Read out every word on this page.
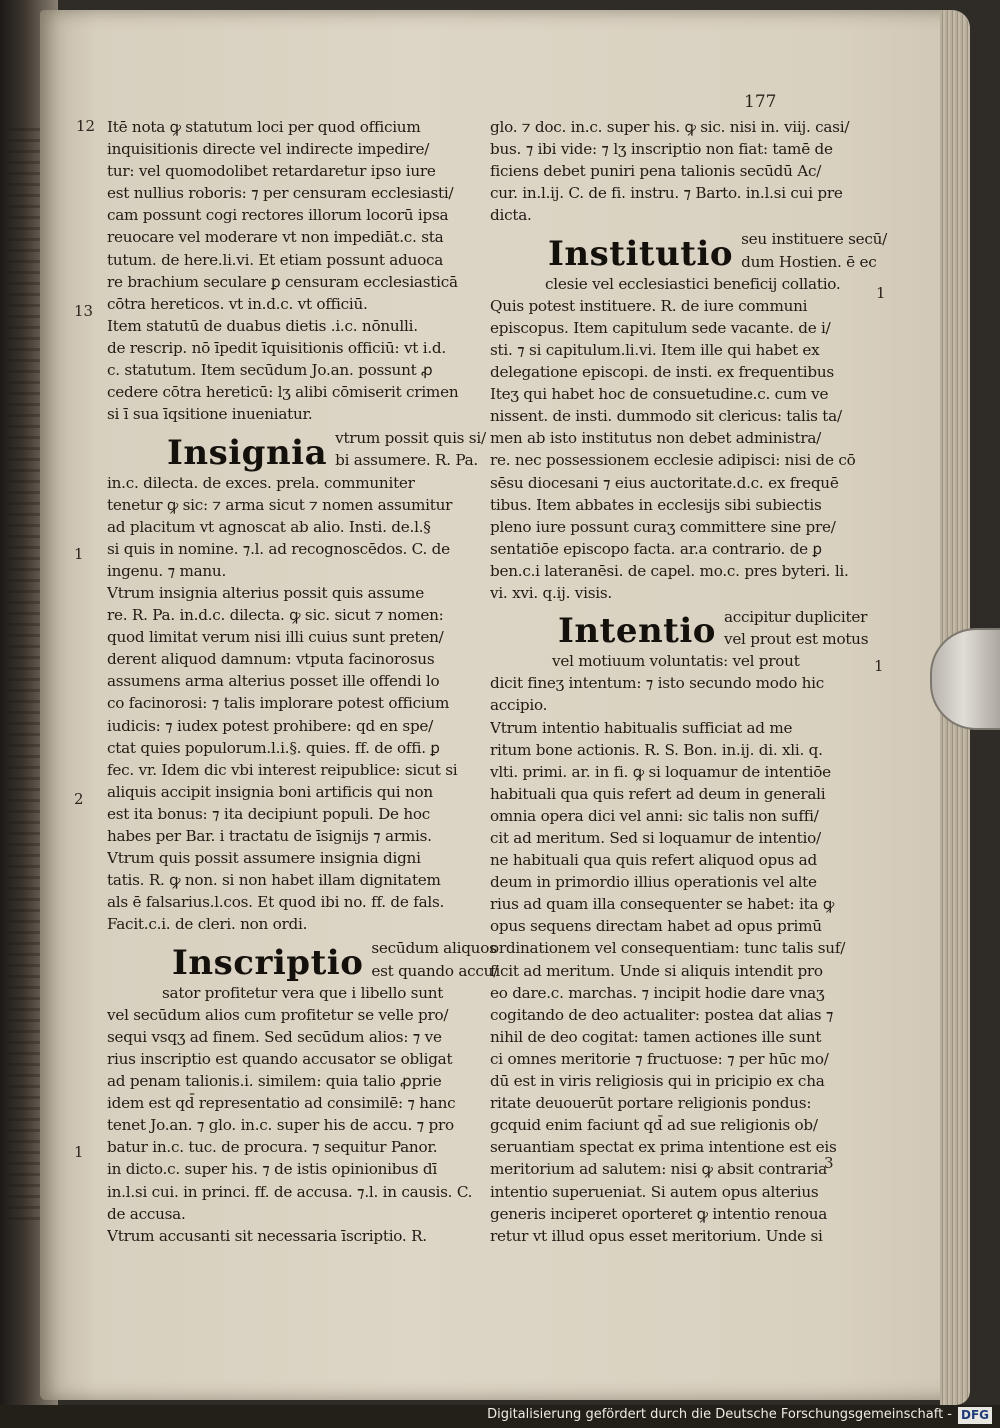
177
12
13
1
2
1
1
1
Itē nota ꝙ statutum loci per quod officium
inquisitionis directe vel indirecte impedire/
tur: vel quomodolibet retardaretur ipso iure
est nullius roboris: ⁊ per censuram ecclesiasti/
cam possunt cogi rectores illorum locorū ipsa
reuocare vel moderare vt non impediāt.c. sta
tutum. de here.li.vi. Et etiam possunt aduoca
re brachium seculare ꝑ censuram ecclesiasticā
cōtra hereticos. vt in.d.c. vt officiū.
Item statutū de duabus dietis .i.c. nōnulli.
de rescrip. nō īpedit īquisitionis officiū: vt i.d.
c. statutum. Item secūdum Jo.an. possunt ꝓ
cedere cōtra hereticū: lʒ alibi cōmiserit crimen
si ī sua īqsitione inueniatur.
Insignia vtrum possit quis si/
bi assumere. R. Pa.
in.c. dilecta. de exces. prela. communiter
tenetur ꝙ sic: ⁊ arma sicut ⁊ nomen assumitur
ad placitum vt agnoscat ab alio. Insti. de.l.§
si quis in nomine. ⁊.l. ad recognoscēdos. C. de
ingenu. ⁊ manu.
Vtrum insignia alterius possit quis assume
re. R. Pa. in.d.c. dilecta. ꝙ sic. sicut ⁊ nomen:
quod limitat verum nisi illi cuius sunt preten/
derent aliquod damnum: vtputa facinorosus
assumens arma alterius posset ille offendi lo
co facinorosi: ⁊ talis implorare potest officium
iudicis: ⁊ iudex potest prohibere: qd en spe/
ctat quies populorum.l.i.§. quies. ff. de offi. ꝑ
fec. vr. Idem dic vbi interest reipublice: sicut si
aliquis accipit insignia boni artificis qui non
est ita bonus: ⁊ ita decipiunt populi. De hoc
habes per Bar. i tractatu de īsignijs ⁊ armis.
Vtrum quis possit assumere insignia digni
tatis. R. ꝙ non. si non habet illam dignitatem
als ē falsarius.l.cos. Et quod ibi no. ff. de fals.
Facit.c.i. de cleri. non ordi.
Inscriptio secūdum aliquos
est quando accu/
sator profitetur vera que i libello sunt
vel secūdum alios cum profitetur se velle pro/
sequi vsqʒ ad finem. Sed secūdum alios: ⁊ ve
rius inscriptio est quando accusator se obligat
ad penam talionis.i. similem: quia talio ꝓprie
idem est qd̄ representatio ad consimilē: ⁊ hanc
tenet Jo.an. ⁊ glo. in.c. super his de accu. ⁊ pro
batur in.c. tuc. de procura. ⁊ sequitur Panor.
in dicto.c. super his. ⁊ de istis opinionibus dī
in.l.si cui. in princi. ff. de accusa. ⁊.l. in causis. C.
de accusa.
Vtrum accusanti sit necessaria īscriptio. R.
glo. ⁊ doc. in.c. super his. ꝙ sic. nisi in. viij. casi/
bus. ⁊ ibi vide: ⁊ lʒ inscriptio non fiat: tamē de
ficiens debet puniri pena talionis secūdū Ac/
cur. in.l.ij. C. de fi. instru. ⁊ Barto. in.l.si cui pre
dicta.
Institutio seu instituere secū/
dum Hostien. ē ec
clesie vel ecclesiastici beneficij collatio.
Quis potest instituere. R. de iure communi
episcopus. Item capitulum sede vacante. de i/
sti. ⁊ si capitulum.li.vi. Item ille qui habet ex
delegatione episcopi. de insti. ex frequentibus
Iteʒ qui habet hoc de consuetudine.c. cum ve
nissent. de insti. dummodo sit clericus: talis ta/
men ab isto institutus non debet administra/
re. nec possessionem ecclesie adipisci: nisi de cō
sēsu diocesani ⁊ eius auctoritate.d.c. ex frequē
tibus. Item abbates in ecclesijs sibi subiectis
pleno iure possunt curaʒ committere sine pre/
sentatiōe episcopo facta. ar.a contrario. de ꝑ
ben.c.i lateranēsi. de capel. mo.c. pres byteri. li.
vi. xvi. q.ij. visis.
Intentio accipitur dupliciter
vel prout est motus
vel motiuum voluntatis: vel prout
dicit fineʒ intentum: ⁊ isto secundo modo hic
accipio.
Vtrum intentio habitualis sufficiat ad me
ritum bone actionis. R. S. Bon. in.ij. di. xli. q.
vlti. primi. ar. in fi. ꝙ si loquamur de intentiōe
habituali qua quis refert ad deum in generali
omnia opera dici vel anni: sic talis non suffi/
cit ad meritum. Sed si loquamur de intentio/
ne habituali qua quis refert aliquod opus ad
deum in primordio illius operationis vel alte
rius ad quam illa consequenter se habet: ita ꝙ
opus sequens directam habet ad opus primū
ordinationem vel consequentiam: tunc talis suf/
ficit ad meritum. Unde si aliquis intendit pro
eo dare.c. marchas. ⁊ incipit hodie dare vnaʒ
cogitando de deo actualiter: postea dat alias ⁊
nihil de deo cogitat: tamen actiones ille sunt
ci omnes meritorie ⁊ fructuose: ⁊ per hūc mo/
dū est in viris religiosis qui in pricipio ex cha
ritate deuouerūt portare religionis pondus:
gcquid enim faciunt qd̄ ad sue religionis ob/
seruantiam spectat ex prima intentione est eis
meritorium ad salutem: nisi ꝙ absit contraria
intentio superueniat. Si autem opus alterius
generis inciperet oporteret ꝙ intentio renoua
retur vt illud opus esset meritorium. Unde si
3
Digitalisierung gefördert durch die Deutsche Forschungsgemeinschaft - DFG
